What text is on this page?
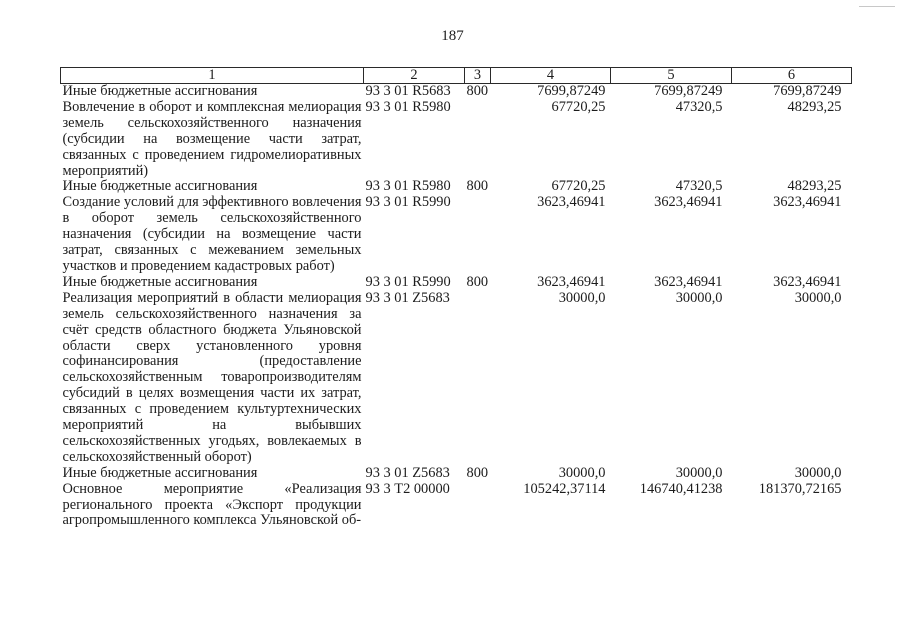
187
1	2	3	4	5	6
Иные бюджетные ассигнования	93 3 01 R5683	800	7699,87249	7699,87249	7699,87249
Вовлечение в оборот и комплексная мелиорация земель сельскохозяйственного назначения (субсидии на возмещение части затрат, связанных с проведением гидромелиоративных мероприятий)	93 3 01 R5980		67720,25	47320,5	48293,25
Иные бюджетные ассигнования	93 3 01 R5980	800	67720,25	47320,5	48293,25
Создание условий для эффективного вовлечения в оборот земель сельскохозяйственного назначения (субсидии на возмещение части затрат, связанных с межеванием земельных участков и проведением кадастровых работ)	93 3 01 R5990		3623,46941	3623,46941	3623,46941
Иные бюджетные ассигнования	93 3 01 R5990	800	3623,46941	3623,46941	3623,46941
Реализация мероприятий в области мелиорация земель сельскохозяйственного назначения за счёт средств областного бюджета Ульяновской области сверх установленного уровня софинансирования (предоставление сельскохозяйственным товаропроизводителям субсидий в целях возмещения части их затрат, связанных с проведением культуртехнических мероприятий на выбывших сельскохозяйственных угодьях, вовлекаемых в сельскохозяйственный оборот)	93 3 01 Z5683		30000,0	30000,0	30000,0
Иные бюджетные ассигнования	93 3 01 Z5683	800	30000,0	30000,0	30000,0
Основное мероприятие «Реализация регионального проекта «Экспорт продукции агропромышленного комплекса Ульяновской об-	93 3 Т2 00000		105242,37114	146740,41238	181370,72165
